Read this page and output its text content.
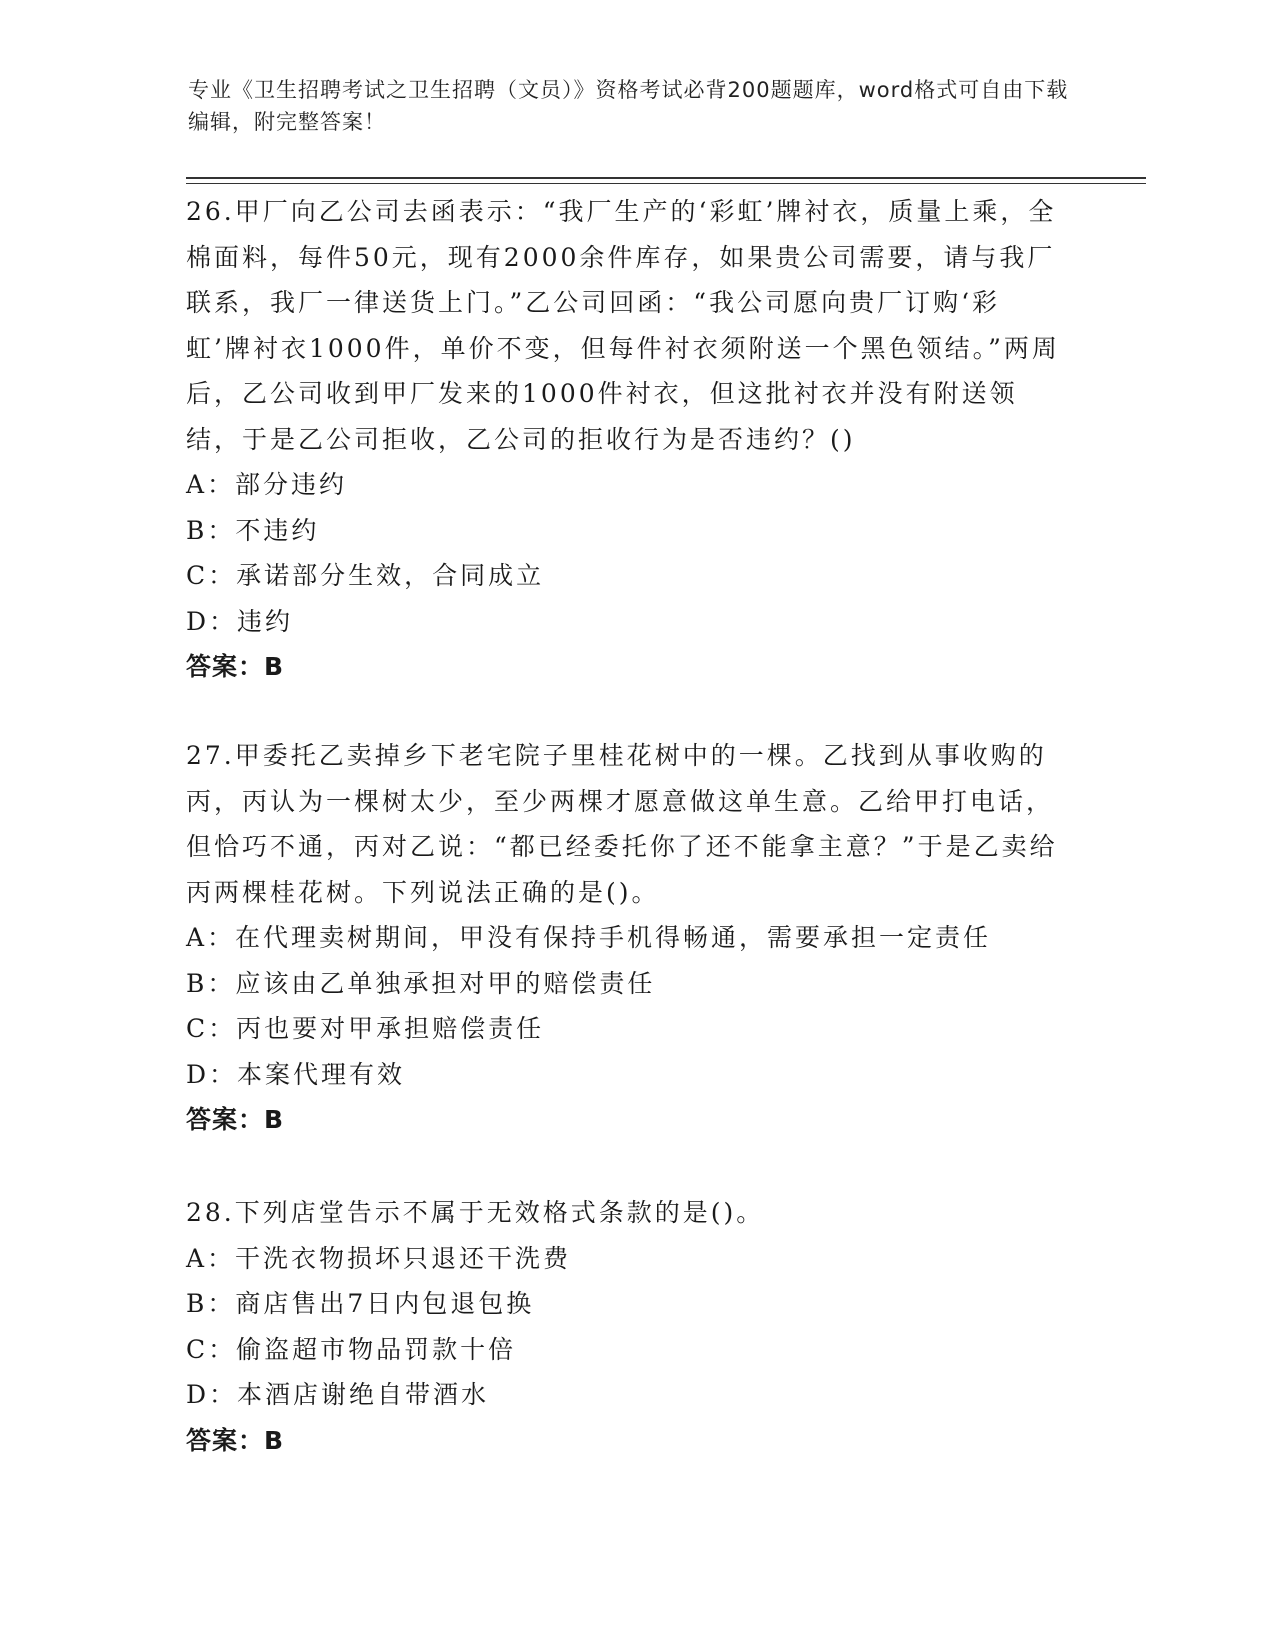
专业《卫生招聘考试之卫生招聘（文员）》资格考试必背200题题库，word格式可自由下载编辑，附完整答案！

26.甲厂向乙公司去函表示：“我厂生产的‘彩虹’牌衬衣，质量上乘，全棉面料，每件50元，现有2000余件库存，如果贵公司需要，请与我厂联系，我厂一律送货上门。”乙公司回函：“我公司愿向贵厂订购‘彩虹’牌衬衣1000件，单价不变，但每件衬衣须附送一个黑色领结。”两周后，乙公司收到甲厂发来的1000件衬衣，但这批衬衣并没有附送领结，于是乙公司拒收，乙公司的拒收行为是否违约？()

A：部分违约

B：不违约

C：承诺部分生效，合同成立

D：违约

答案：B

27.甲委托乙卖掉乡下老宅院子里桂花树中的一棵。乙找到从事收购的丙，丙认为一棵树太少，至少两棵才愿意做这单生意。乙给甲打电话，但恰巧不通，丙对乙说：“都已经委托你了还不能拿主意？”于是乙卖给丙两棵桂花树。下列说法正确的是()。

A：在代理卖树期间，甲没有保持手机得畅通，需要承担一定责任

B：应该由乙单独承担对甲的赔偿责任

C：丙也要对甲承担赔偿责任

D：本案代理有效

答案：B

28.下列店堂告示不属于无效格式条款的是()。

A：干洗衣物损坏只退还干洗费

B：商店售出7日内包退包换

C：偷盗超市物品罚款十倍

D：本酒店谢绝自带酒水

答案：B
